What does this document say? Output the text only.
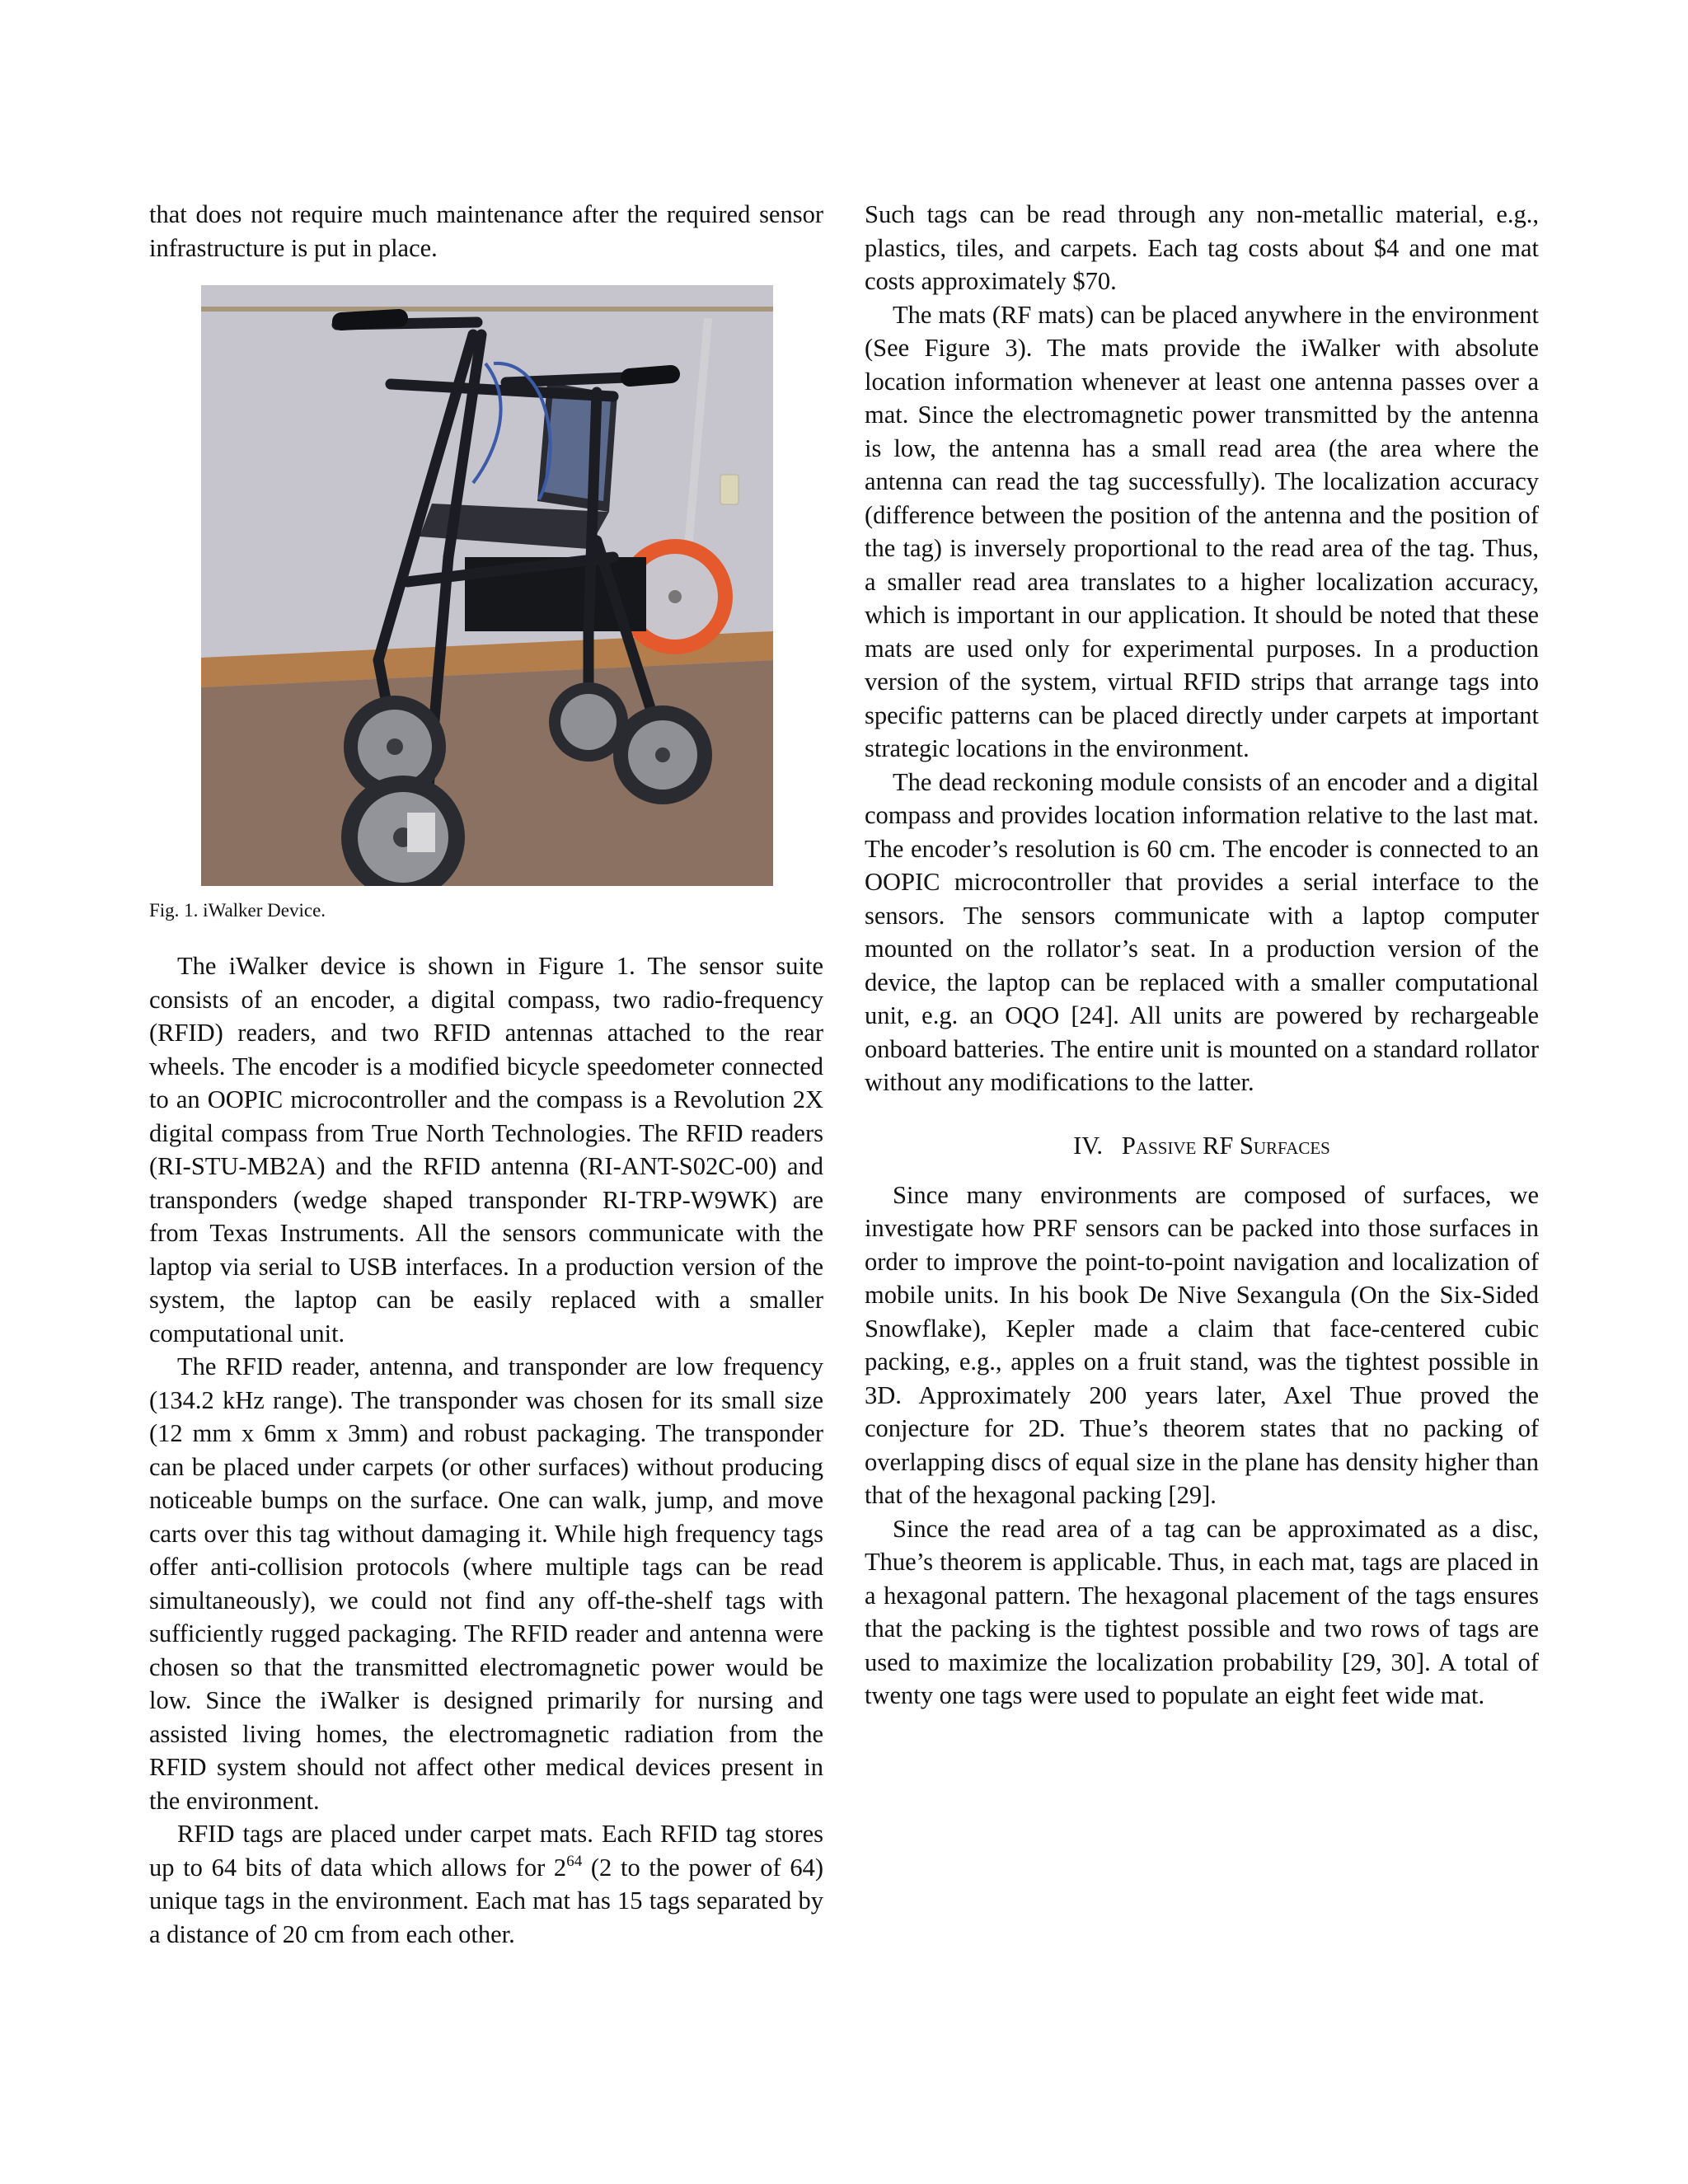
that does not require much maintenance after the required sensor infrastructure is put in place.

Fig. 1. iWalker Device.

The iWalker device is shown in Figure 1. The sensor suite consists of an encoder, a digital compass, two radio-frequency (RFID) readers, and two RFID antennas attached to the rear wheels. The encoder is a modified bicycle speedometer connected to an OOPIC microcontroller and the compass is a Revolution 2X digital compass from True North Technologies. The RFID readers (RI-STU-MB2A) and the RFID antenna (RI-ANT-S02C-00) and transponders (wedge shaped transponder RI-TRP-W9WK) are from Texas Instruments. All the sensors communicate with the laptop via serial to USB interfaces. In a production version of the system, the laptop can be easily replaced with a smaller computational unit.

The RFID reader, antenna, and transponder are low frequency (134.2 kHz range). The transponder was chosen for its small size (12 mm x 6mm x 3mm) and robust packaging. The transponder can be placed under carpets (or other surfaces) without producing noticeable bumps on the surface. One can walk, jump, and move carts over this tag without damaging it. While high frequency tags offer anti-collision protocols (where multiple tags can be read simultaneously), we could not find any off-the-shelf tags with sufficiently rugged packaging. The RFID reader and antenna were chosen so that the transmitted electromagnetic power would be low. Since the iWalker is designed primarily for nursing and assisted living homes, the electromagnetic radiation from the RFID system should not affect other medical devices present in the environment.

RFID tags are placed under carpet mats. Each RFID tag stores up to 64 bits of data which allows for $2^{64}$ (2 to the power of 64) unique tags in the environment. Each mat has 15 tags separated by a distance of 20 cm from each other.

Such tags can be read through any non-metallic material, e.g., plastics, tiles, and carpets. Each tag costs about $4 and one mat costs approximately $70.

The mats (RF mats) can be placed anywhere in the environment (See Figure 3). The mats provide the iWalker with absolute location information whenever at least one antenna passes over a mat. Since the electromagnetic power transmitted by the antenna is low, the antenna has a small read area (the area where the antenna can read the tag successfully). The localization accuracy (difference between the position of the antenna and the position of the tag) is inversely proportional to the read area of the tag. Thus, a smaller read area translates to a higher localization accuracy, which is important in our application. It should be noted that these mats are used only for experimental purposes. In a production version of the system, virtual RFID strips that arrange tags into specific patterns can be placed directly under carpets at important strategic locations in the environment.

The dead reckoning module consists of an encoder and a digital compass and provides location information relative to the last mat. The encoder’s resolution is 60 cm. The encoder is connected to an OOPIC microcontroller that provides a serial interface to the sensors. The sensors communicate with a laptop computer mounted on the rollator’s seat. In a production version of the device, the laptop can be replaced with a smaller computational unit, e.g. an OQO [24]. All units are powered by rechargeable onboard batteries. The entire unit is mounted on a standard rollator without any modifications to the latter.

IV. Passive RF Surfaces

Since many environments are composed of surfaces, we investigate how PRF sensors can be packed into those surfaces in order to improve the point-to-point navigation and localization of mobile units. In his book De Nive Sexangula (On the Six-Sided Snowflake), Kepler made a claim that face-centered cubic packing, e.g., apples on a fruit stand, was the tightest possible in 3D. Approximately 200 years later, Axel Thue proved the conjecture for 2D. Thue’s theorem states that no packing of overlapping discs of equal size in the plane has density higher than that of the hexagonal packing [29].

Since the read area of a tag can be approximated as a disc, Thue’s theorem is applicable. Thus, in each mat, tags are placed in a hexagonal pattern. The hexagonal placement of the tags ensures that the packing is the tightest possible and two rows of tags are used to maximize the localization probability [29, 30]. A total of twenty one tags were used to populate an eight feet wide mat.
